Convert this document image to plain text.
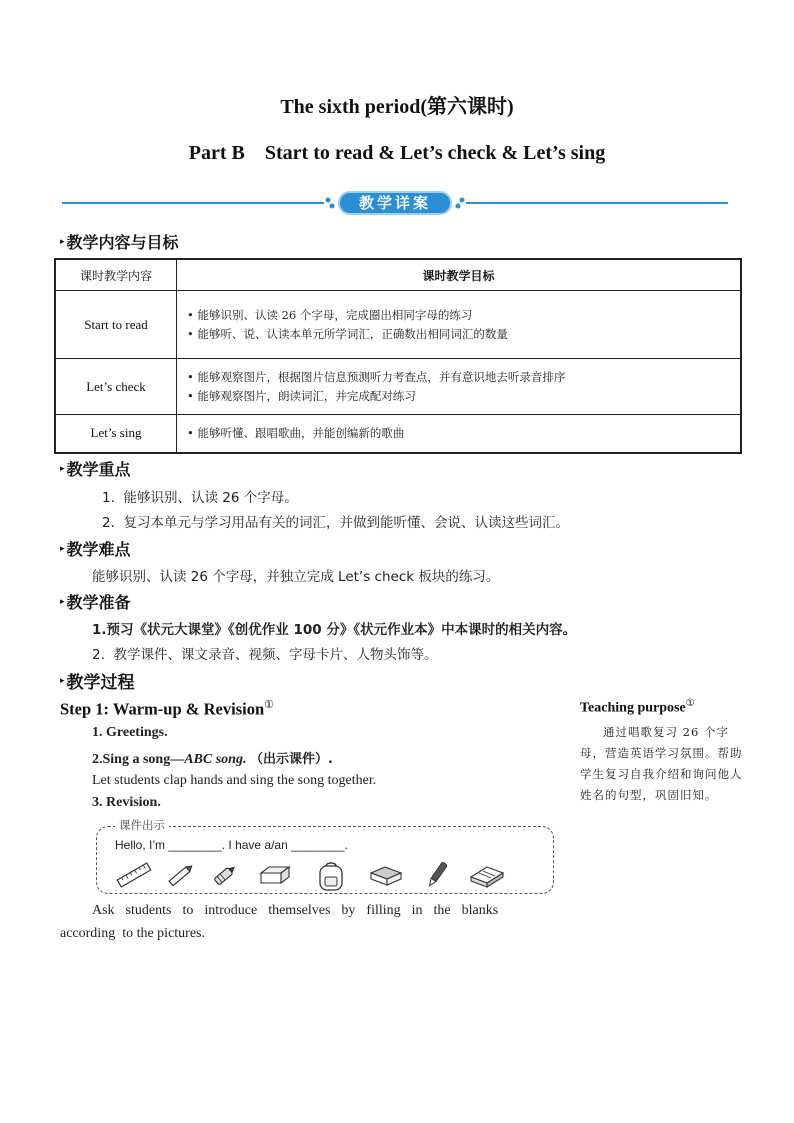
The sixth period(第六课时)
Part B    Start to read & Let’s check & Let’s sing
教学详案
▸ 教学内容与目标
课时教学内容	课时教学目标
Start to read	• 能够识别、认读 26 个字母，完成圈出相同字母的练习
• 能够听、说、认读本单元所学词汇，正确数出相同词汇的数量

Let’s check	• 能够观察图片，根据图片信息预测听力考查点，并有意识地去听录音排序
• 能够观察图片，朗读词汇，并完成配对练习

Let’s sing	• 能够听懂、跟唱歌曲，并能创编新的歌曲
▸ 教学重点
1.  能够识别、认读 26 个字母。
2.  复习本单元与学习用品有关的词汇，并做到能听懂、会说、认读这些词汇。
▸ 教学难点
能够识别、认读 26 个字母，并独立完成 Let’s check 板块的练习。
▸ 教学准备
1.预习《状元大课堂》《创优作业 100 分》《状元作业本》中本课时的相关内容。
2.  教学课件、课文录音、视频、字母卡片、人物头饰等。
▸ 教学过程
Step 1: Warm-up & Revision①
1. Greetings.
2.Sing a song—ABC song. （出示课件）.
Let students clap hands and sing the song together.
3. Revision.
课件出示
Hello, I’m ________. I have a/an ________.
Ask  students  to  introduce  themselves  by  filling  in  the  blanks
according  to the pictures.
Teaching purpose①
通过唱歌复习 26 个字母，营造英语学习氛围。帮助学生复习自我介绍和询问他人姓名的句型，巩固旧知。
